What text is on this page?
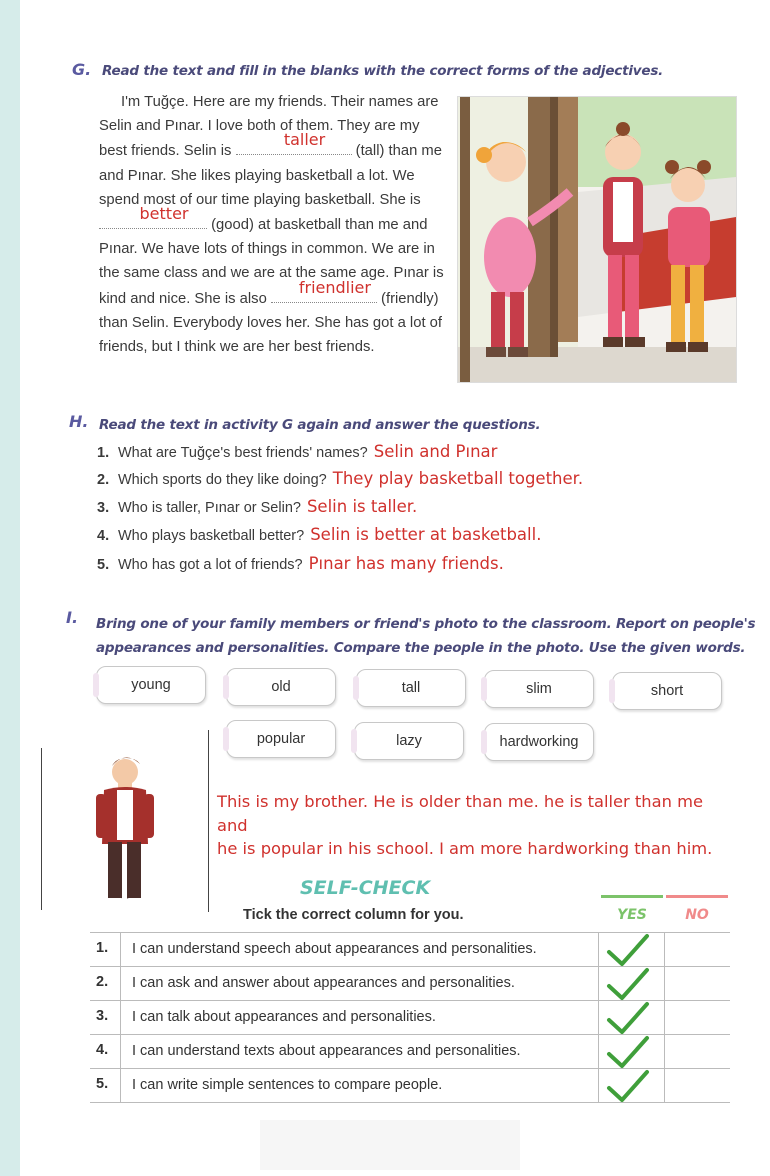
G. Read the text and fill in the blanks with the correct forms of the adjectives.

I'm Tuğçe. Here are my friends. Their names are Selin and Pınar. I love both of them. They are my best friends. Selin is
taller
(tall) than me and Pınar. She likes playing basketball a lot. We spend most of our time playing basketball. She is
better
(good) at basketball than me and Pınar. We have lots of things in common. We are in the same class and we are at the same age. Pınar is kind and nice. She is also
friendlier
(friendly) than Selin. Everybody loves her. She has got a lot of friends, but I think we are her best friends.

H. Read the text in activity G again and answer the questions.
1. What are Tuğçe's best friends' names? Selin and Pınar
2. Which sports do they like doing? They play basketball together.
3. Who is taller, Pınar or Selin? Selin is taller.
4. Who plays basketball better? Selin is better at basketball.
5. Who has got a lot of friends? Pınar has many friends.
I. Bring one of your family members or friend's photo to the classroom. Report on people's
appearances and personalities. Compare the people in the photo. Use the given words.
young	old	tall	slim	short
popular	lazy	hardworking
This is my brother. He is older than me. he is taller than me and
he is popular in his school. I am more hardworking than him.
SELF-CHECK
Tick the correct column for you.	YES	NO
1. I can understand speech about appearances and personalities.
2. I can ask and answer about appearances and personalities.
3. I can talk about appearances and personalities.
4. I can understand texts about appearances and personalities.
5. I can write simple sentences to compare people.
